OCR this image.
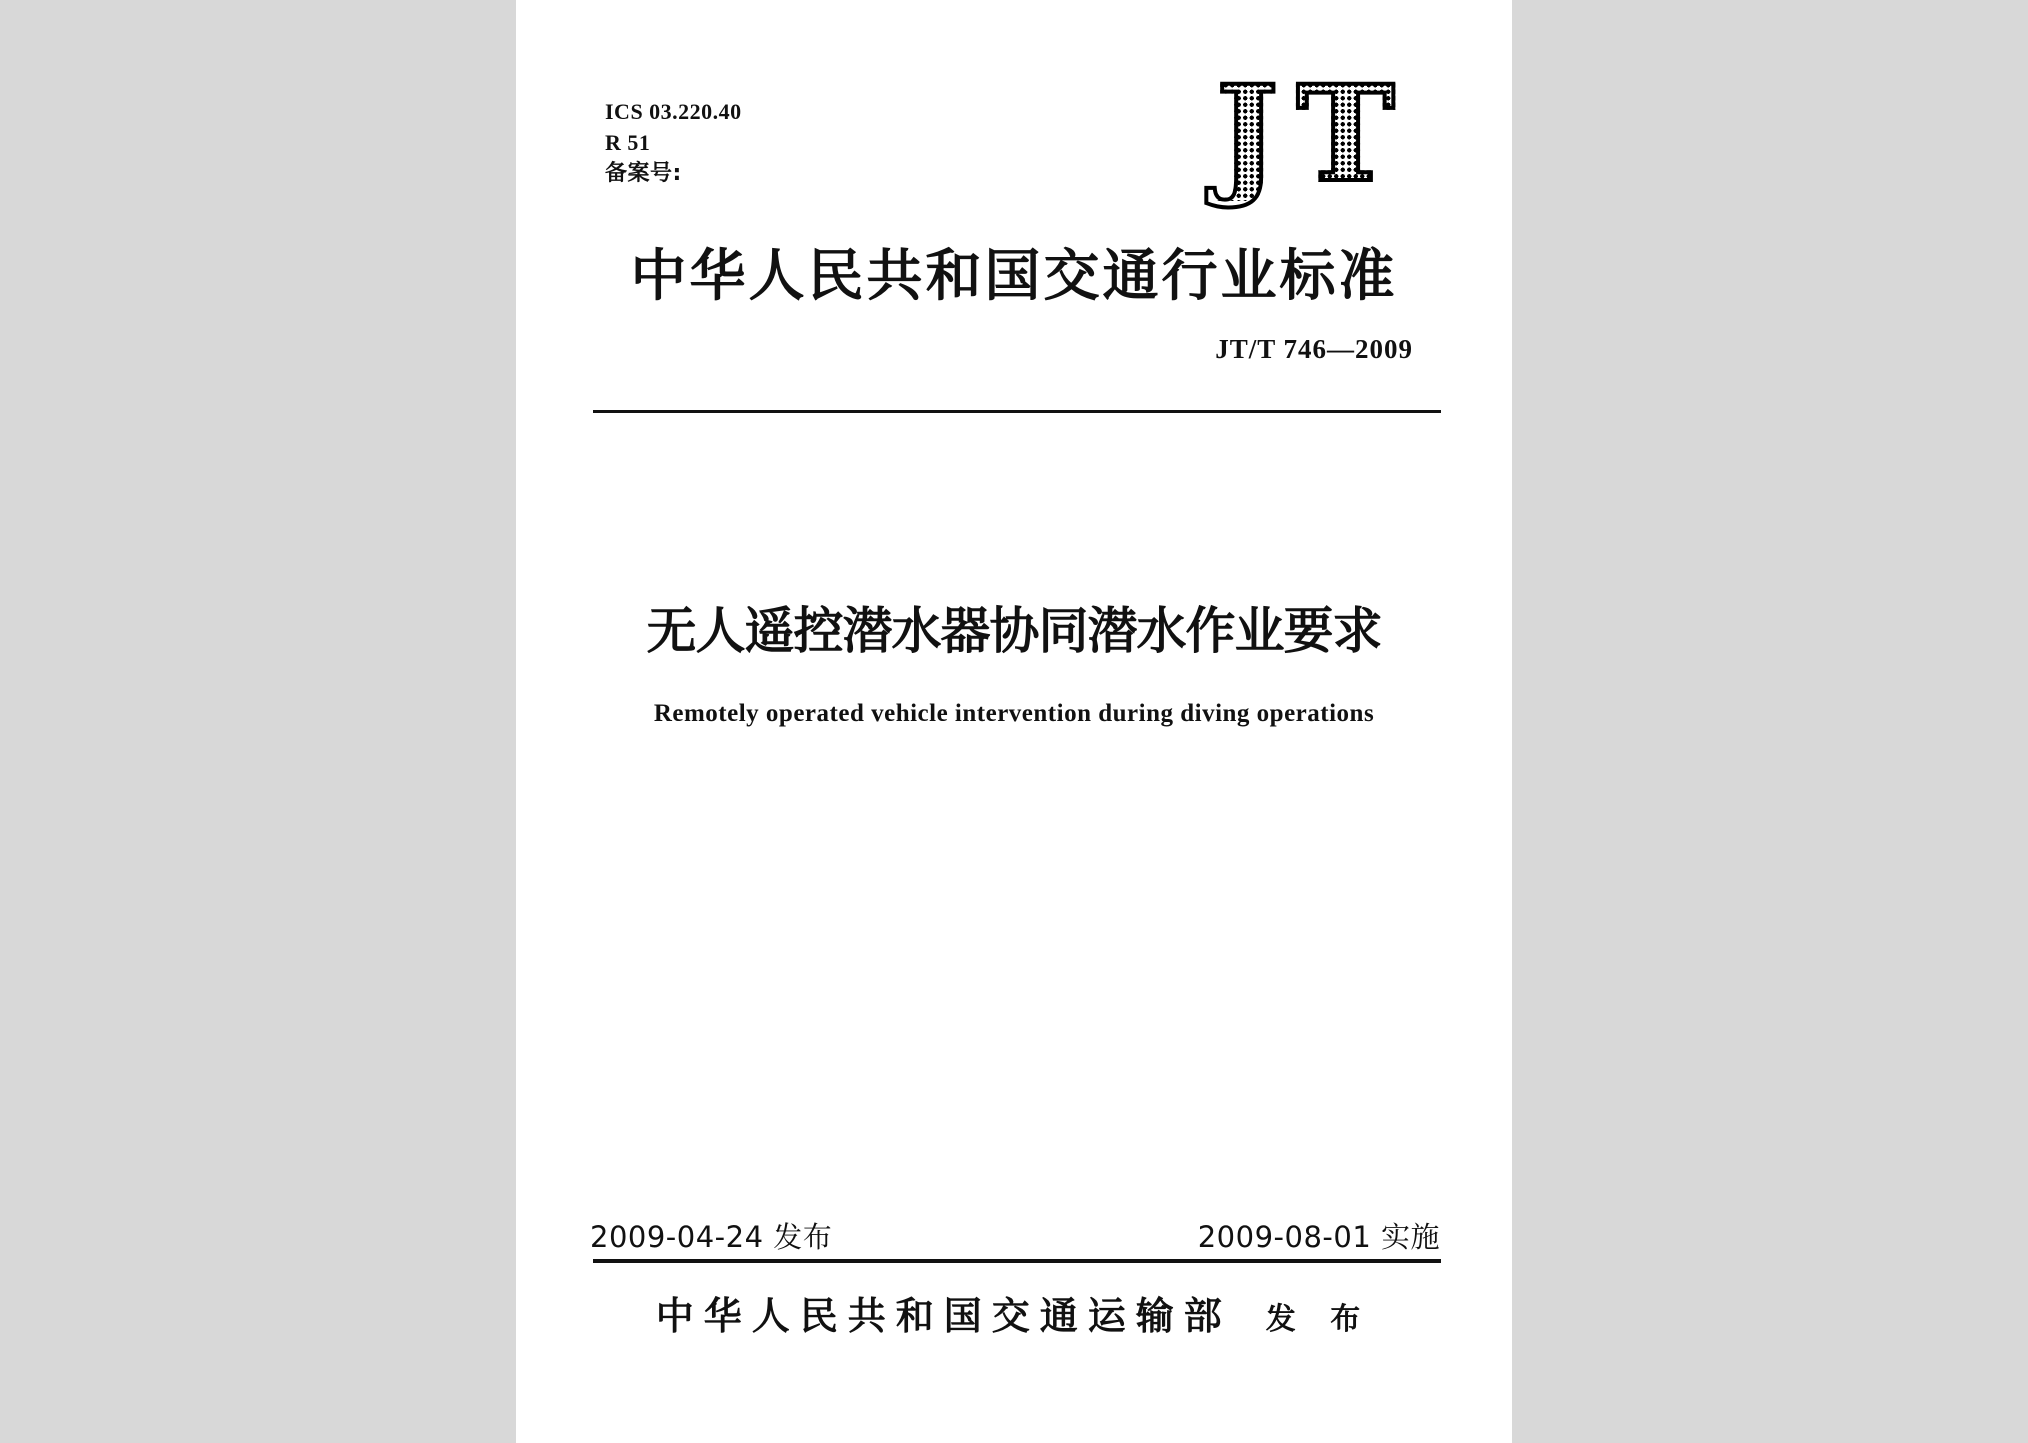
ICS 03.220.40
R 51
备案号:	JT
中华人民共和国交通行业标准
JT/T 746—2009
无人遥控潜水器协同潜水作业要求
Remotely operated vehicle intervention during diving operations
2009-04-24 发布	2009-08-01 实施
中华人民共和国交通运输部 发 布
